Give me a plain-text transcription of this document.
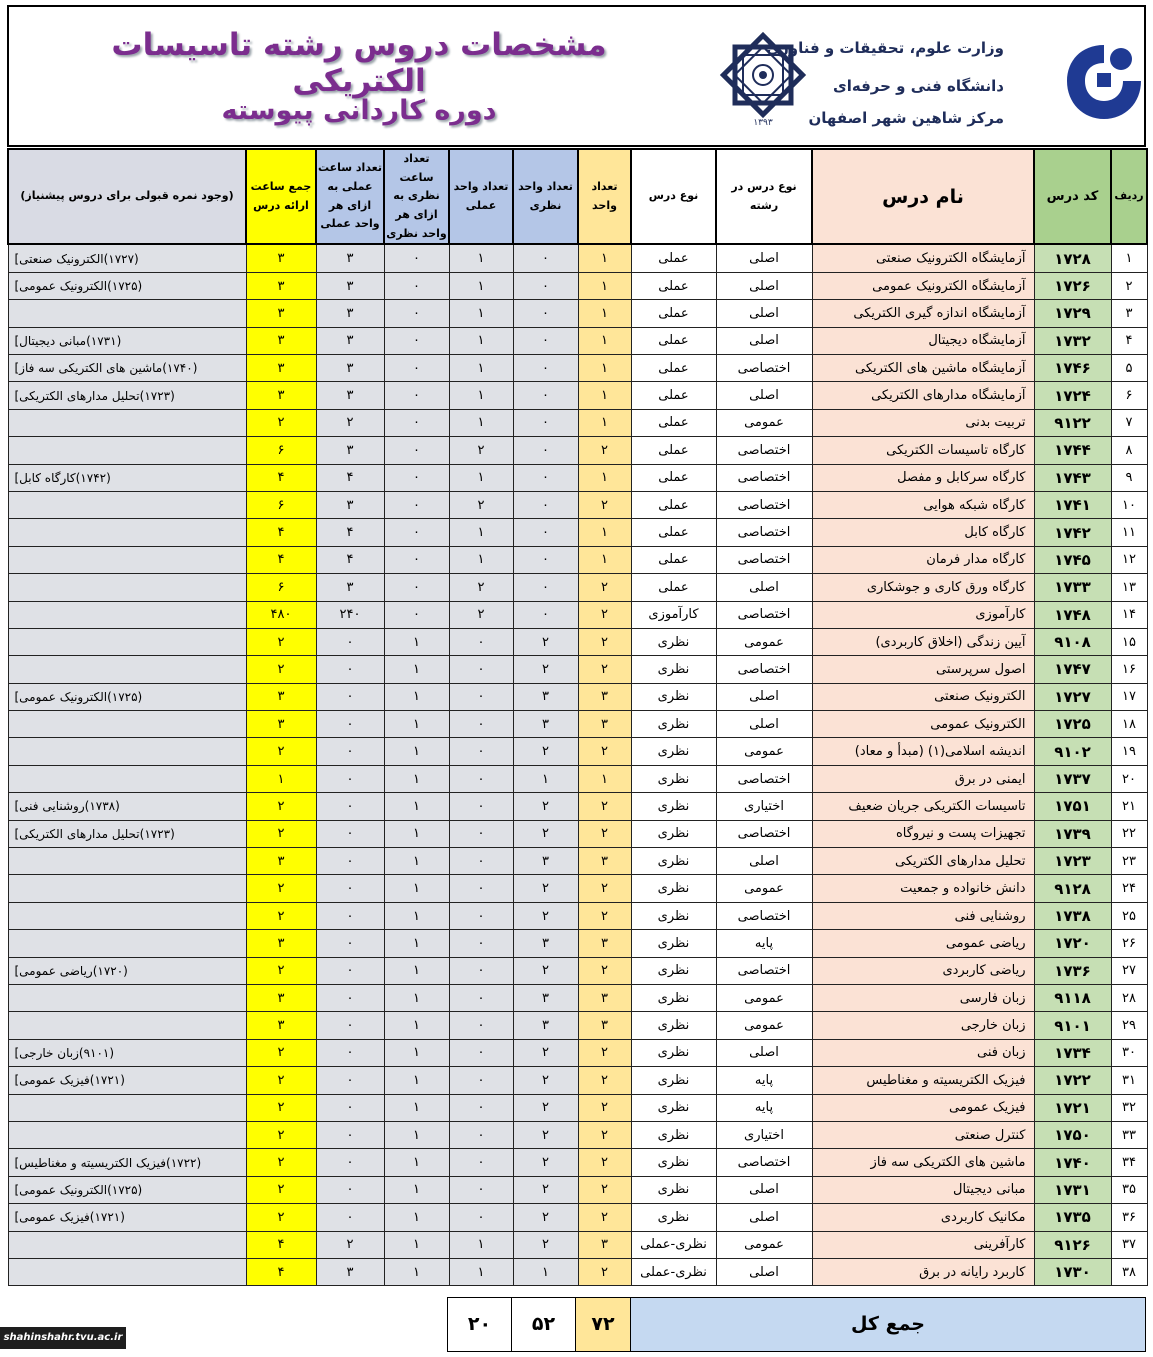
مشخصات دروس رشته تاسیسات الکتریکی
دوره کاردانی پیوسته	۱۳۹۳
وزارت علوم، تحقیقات و فناوری
دانشگاه فنی و حرفه‌ای
مرکز شاهین شهر اصفهان
ردیف	کد درس	نام درس	نوع درس در رشته	نوع درس	تعداد واحد	تعداد واحد نظری	تعداد واحد عملی	تعداد ساعت نظری به ازای هر واحد نظری	تعداد ساعت عملی به ازای هر واحد عملی	جمع ساعت ارائه درس	(وجود نمره قبولی برای دروس پیشنیاز)
۱	۱۷۲۸	آزمایشگاه الکترونیک صنعتی	اصلی	عملی	۱	۰	۱	۰	۳	۳	(۱۷۲۷)الکترونیک صنعتی]
۲	۱۷۲۶	آزمایشگاه الکترونیک عمومی	اصلی	عملی	۱	۰	۱	۰	۳	۳	(۱۷۲۵)الکترونیک عمومی]
۳	۱۷۲۹	آزمایشگاه اندازه گیری الکتریکی	اصلی	عملی	۱	۰	۱	۰	۳	۳	
۴	۱۷۳۲	آزمایشگاه دیجیتال	اصلی	عملی	۱	۰	۱	۰	۳	۳	(۱۷۳۱)مبانی دیجیتال]
۵	۱۷۴۶	آزمایشگاه ماشین های الکتریکی	اختصاصی	عملی	۱	۰	۱	۰	۳	۳	(۱۷۴۰)ماشین های الکتریکی سه فاز]
۶	۱۷۲۴	آزمایشگاه مدارهای الکتریکی	اصلی	عملی	۱	۰	۱	۰	۳	۳	(۱۷۲۳)تحلیل مدارهای الکتریکی]
۷	۹۱۲۲	تربیت بدنی	عمومی	عملی	۱	۰	۱	۰	۲	۲	
۸	۱۷۴۴	کارگاه تاسیسات الکتریکی	اختصاصی	عملی	۲	۰	۲	۰	۳	۶	
۹	۱۷۴۳	کارگاه سرکابل و مفصل	اختصاصی	عملی	۱	۰	۱	۰	۴	۴	(۱۷۴۲)کارگاه کابل]
۱۰	۱۷۴۱	کارگاه شبکه هوایی	اختصاصی	عملی	۲	۰	۲	۰	۳	۶	
۱۱	۱۷۴۲	کارگاه کابل	اختصاصی	عملی	۱	۰	۱	۰	۴	۴	
۱۲	۱۷۴۵	کارگاه مدار فرمان	اختصاصی	عملی	۱	۰	۱	۰	۴	۴	
۱۳	۱۷۳۳	کارگاه ورق کاری و جوشکاری	اصلی	عملی	۲	۰	۲	۰	۳	۶	
۱۴	۱۷۴۸	کارآموزی	اختصاصی	کارآموزی	۲	۰	۲	۰	۲۴۰	۴۸۰	
۱۵	۹۱۰۸	آیین زندگی (اخلاق کاربردی)	عمومی	نظری	۲	۲	۰	۱	۰	۲	
۱۶	۱۷۴۷	اصول سرپرستی	اختصاصی	نظری	۲	۲	۰	۱	۰	۲	
۱۷	۱۷۲۷	الکترونیک صنعتی	اصلی	نظری	۳	۳	۰	۱	۰	۳	(۱۷۲۵)الکترونیک عمومی]
۱۸	۱۷۲۵	الکترونیک عمومی	اصلی	نظری	۳	۳	۰	۱	۰	۳	
۱۹	۹۱۰۲	اندیشه اسلامی(۱) (مبدأ و معاد)	عمومی	نظری	۲	۲	۰	۱	۰	۲	
۲۰	۱۷۳۷	ایمنی در برق	اختصاصی	نظری	۱	۱	۰	۱	۰	۱	
۲۱	۱۷۵۱	تاسیسات الکتریکی جریان ضعیف	اختیاری	نظری	۲	۲	۰	۱	۰	۲	(۱۷۳۸)روشنایی فنی]
۲۲	۱۷۳۹	تجهیزات پست و نیروگاه	اختصاصی	نظری	۲	۲	۰	۱	۰	۲	(۱۷۲۳)تحلیل مدارهای الکتریکی]
۲۳	۱۷۲۳	تحلیل مدارهای الکتریکی	اصلی	نظری	۳	۳	۰	۱	۰	۳	
۲۴	۹۱۲۸	دانش خانواده و جمعیت	عمومی	نظری	۲	۲	۰	۱	۰	۲	
۲۵	۱۷۳۸	روشنایی فنی	اختصاصی	نظری	۲	۲	۰	۱	۰	۲	
۲۶	۱۷۲۰	ریاضی عمومی	پایه	نظری	۳	۳	۰	۱	۰	۳	
۲۷	۱۷۳۶	ریاضی کاربردی	اختصاصی	نظری	۲	۲	۰	۱	۰	۲	(۱۷۲۰)ریاضی عمومی]
۲۸	۹۱۱۸	زبان فارسی	عمومی	نظری	۳	۳	۰	۱	۰	۳	
۲۹	۹۱۰۱	زبان خارجی	عمومی	نظری	۳	۳	۰	۱	۰	۳	
۳۰	۱۷۳۴	زبان فنی	اصلی	نظری	۲	۲	۰	۱	۰	۲	(۹۱۰۱)زبان خارجی]
۳۱	۱۷۲۲	فیزیک الکتریسیته و مغناطیس	پایه	نظری	۲	۲	۰	۱	۰	۲	(۱۷۲۱)فیزیک عمومی]
۳۲	۱۷۲۱	فیزیک عمومی	پایه	نظری	۲	۲	۰	۱	۰	۲	
۳۳	۱۷۵۰	کنترل صنعتی	اختیاری	نظری	۲	۲	۰	۱	۰	۲	
۳۴	۱۷۴۰	ماشین های الکتریکی سه فاز	اختصاصی	نظری	۲	۲	۰	۱	۰	۲	(۱۷۲۲)فیزیک الکتریسیته و مغناطیس]
۳۵	۱۷۳۱	مبانی دیجیتال	اصلی	نظری	۲	۲	۰	۱	۰	۲	(۱۷۲۵)الکترونیک عمومی]
۳۶	۱۷۳۵	مکانیک کاربردی	اصلی	نظری	۲	۲	۰	۱	۰	۲	(۱۷۲۱)فیزیک عمومی]
۳۷	۹۱۲۶	کارآفرینی	عمومی	نظری-عملی	۳	۲	۱	۱	۲	۴	
۳۸	۱۷۳۰	کاربرد رایانه در برق	اصلی	نظری-عملی	۲	۱	۱	۱	۳	۴	
جمع کل
۷۲
۵۲
۲۰
shahinshahr.tvu.ac.ir
